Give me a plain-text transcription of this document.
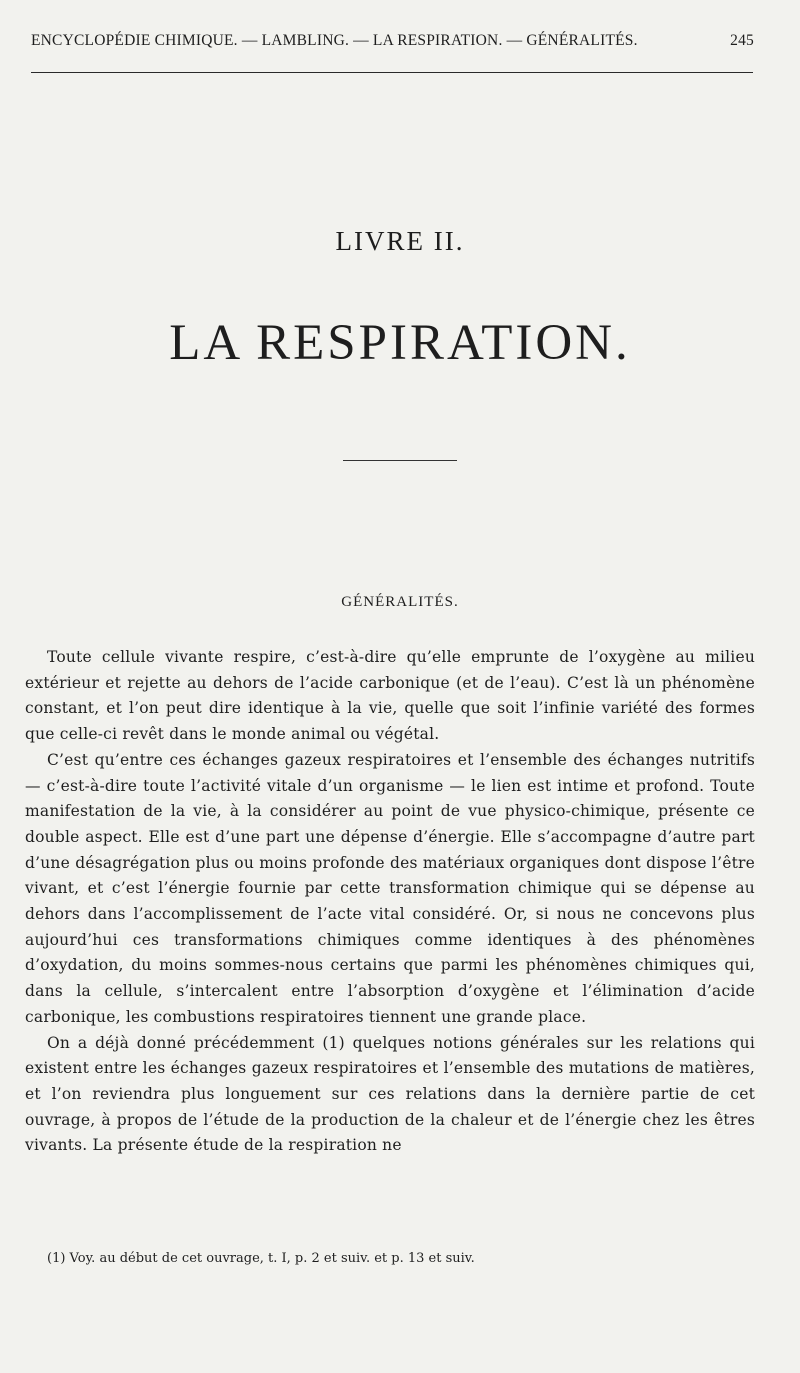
ENCYCLOPÉDIE CHIMIQUE. — LAMBLING. — LA RESPIRATION. — GÉNÉRALITÉS.	245
LIVRE II.
LA RESPIRATION.
GÉNÉRALITÉS.

Toute cellule vivante respire, c’est-à-dire qu’elle emprunte de l’oxygène au milieu extérieur et rejette au dehors de l’acide carbonique (et de l’eau). C’est là un phénomène constant, et l’on peut dire identique à la vie, quelle que soit l’infinie variété des formes que celle-ci revêt dans le monde animal ou végétal.

C’est qu’entre ces échanges gazeux respiratoires et l’ensemble des échanges nutritifs — c’est-à-dire toute l’activité vitale d’un organisme — le lien est intime et profond. Toute manifestation de la vie, à la considérer au point de vue physico-chimique, présente ce double aspect. Elle est d’une part une dépense d’énergie. Elle s’accompagne d’autre part d’une désagrégation plus ou moins profonde des matériaux organiques dont dispose l’être vivant, et c’est l’énergie fournie par cette transformation chimique qui se dépense au dehors dans l’accomplissement de l’acte vital considéré. Or, si nous ne concevons plus aujourd’hui ces transformations chimiques comme identiques à des phénomènes d’oxydation, du moins sommes-nous certains que parmi les phénomènes chimiques qui, dans la cellule, s’intercalent entre l’absorption d’oxygène et l’élimination d’acide carbonique, les combustions respiratoires tiennent une grande place.

On a déjà donné précédemment (1) quelques notions générales sur les relations qui existent entre les échanges gazeux respiratoires et l’ensemble des mutations de matières, et l’on reviendra plus longuement sur ces relations dans la dernière partie de cet ouvrage, à propos de l’étude de la production de la chaleur et de l’énergie chez les êtres vivants. La présente étude de la respiration ne

(1) Voy. au début de cet ouvrage, t. I, p. 2 et suiv. et p. 13 et suiv.
